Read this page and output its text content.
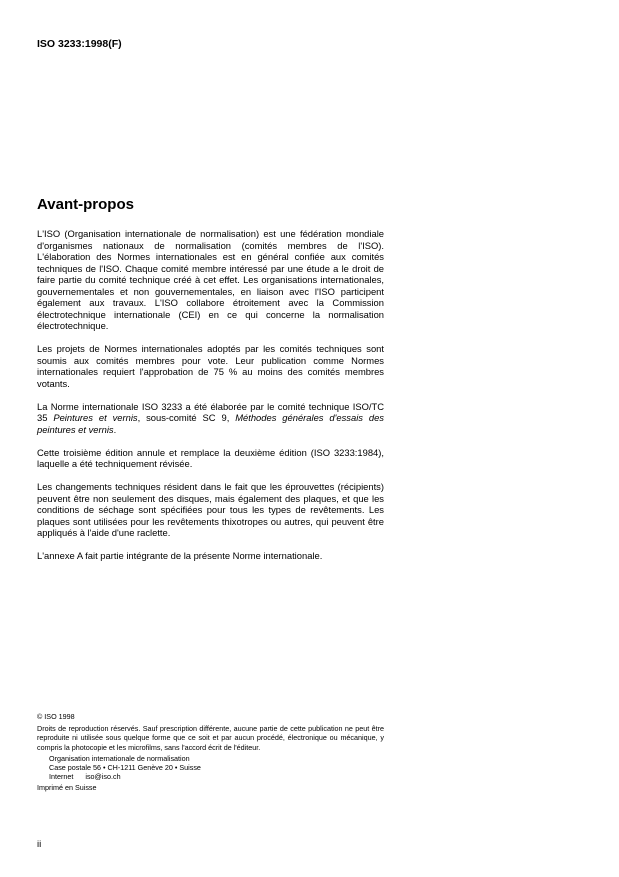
ISO 3233:1998(F)

Avant-propos

L'ISO (Organisation internationale de normalisation) est une fédération mondiale d'organismes nationaux de normalisation (comités membres de l'ISO). L'élaboration des Normes internationales est en général confiée aux comités techniques de l'ISO. Chaque comité membre intéressé par une étude a le droit de faire partie du comité technique créé à cet effet. Les organisations internationales, gouvernementales et non gouvernementales, en liaison avec l'ISO participent également aux travaux. L'ISO collabore étroitement avec la Commission électrotechnique internationale (CEI) en ce qui concerne la normalisation électrotechnique.

Les projets de Normes internationales adoptés par les comités techniques sont soumis aux comités membres pour vote. Leur publication comme Normes internationales requiert l'approbation de 75 % au moins des comités membres votants.

La Norme internationale ISO 3233 a été élaborée par le comité technique ISO/TC 35 Peintures et vernis, sous-comité SC 9, Méthodes générales d'essais des peintures et vernis.

Cette troisième édition annule et remplace la deuxième édition (ISO 3233:1984), laquelle a été techniquement révisée.

Les changements techniques résident dans le fait que les éprouvettes (récipients) peuvent être non seulement des disques, mais également des plaques, et que les conditions de séchage sont spécifiées pour tous les types de revêtements. Les plaques sont utilisées pour les revêtements thixotropes ou autres, qui peuvent être appliqués à l'aide d'une raclette.

L'annexe A fait partie intégrante de la présente Norme internationale.

© ISO 1998

Droits de reproduction réservés. Sauf prescription différente, aucune partie de cette publication ne peut être reproduite ni utilisée sous quelque forme que ce soit et par aucun procédé, électronique ou mécanique, y compris la photocopie et les microfilms, sans l'accord écrit de l'éditeur.

Organisation internationale de normalisation

Case postale 56 • CH-1211 Genève 20 • Suisse

Internet      iso@iso.ch

Imprimé en Suisse

ii
